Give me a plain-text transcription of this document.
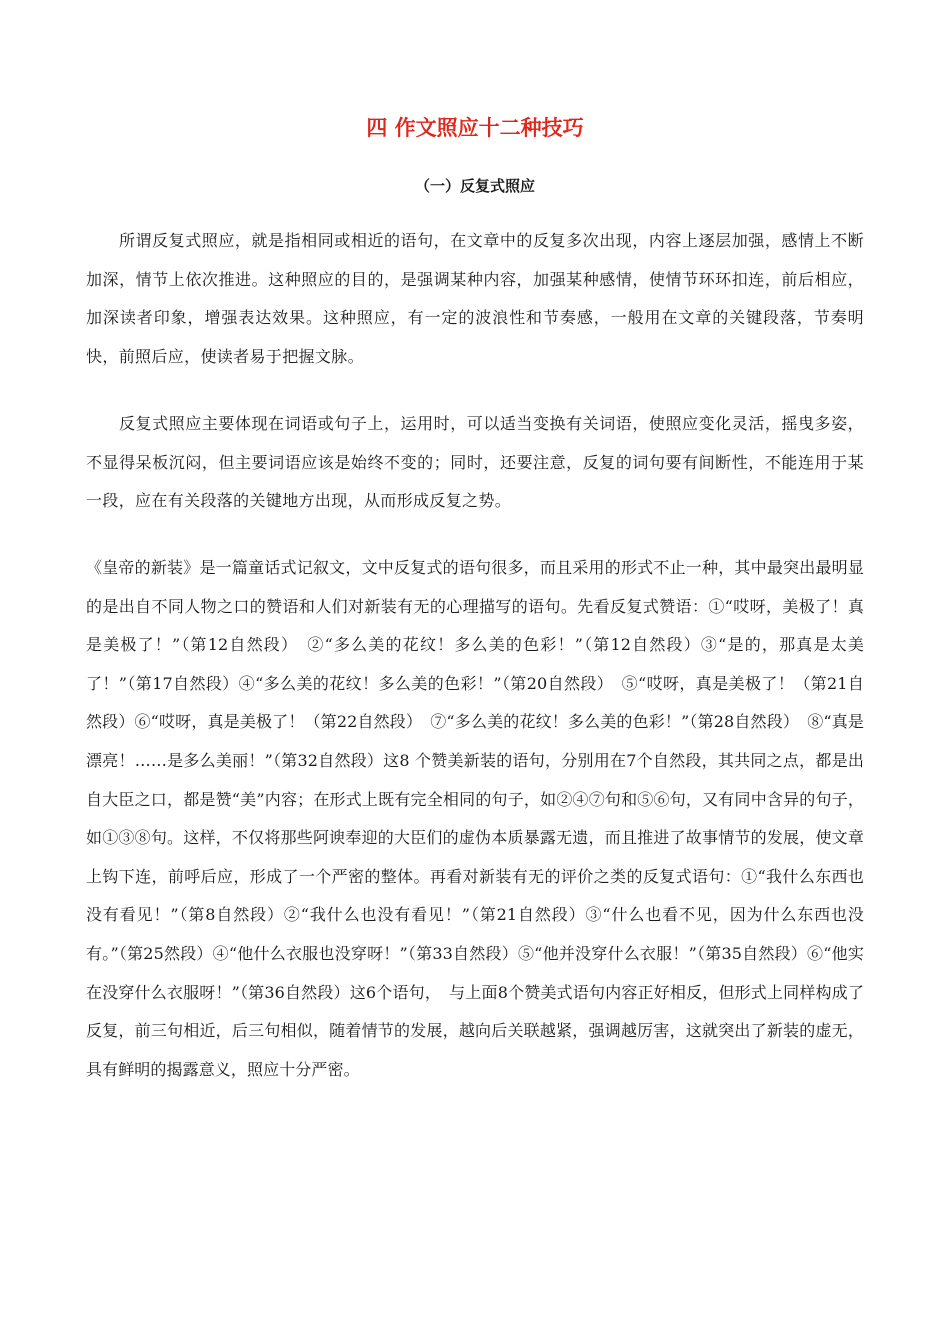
四 作文照应十二种技巧
（一）反复式照应

所谓反复式照应，就是指相同或相近的语句，在文章中的反复多次出现，内容上逐层加强，感情上不断加深，情节上依次推进。这种照应的目的，是强调某种内容，加强某种感情，使情节环环扣连，前后相应，加深读者印象，增强表达效果。这种照应，有一定的波浪性和节奏感，一般用在文章的关键段落，节奏明快，前照后应，使读者易于把握文脉。

反复式照应主要体现在词语或句子上，运用时，可以适当变换有关词语，使照应变化灵活，摇曳多姿，不显得呆板沉闷，但主要词语应该是始终不变的；同时，还要注意，反复的词句要有间断性，不能连用于某一段，应在有关段落的关键地方出现，从而形成反复之势。

《皇帝的新装》是一篇童话式记叙文，文中反复式的语句很多，而且采用的形式不止一种，其中最突出最明显的是出自不同人物之口的赞语和人们对新装有无的心理描写的语句。先看反复式赞语：①“哎呀，美极了！真是美极了！”（第12自然段）　②“多么美的花纹！多么美的色彩！”（第12自然段）③“是的，那真是太美了！”（第17自然段）④“多么美的花纹！多么美的色彩！”（第20自然段）　⑤“哎呀，真是美极了！（第21自然段）⑥“哎呀，真是美极了！（第22自然段）　⑦“多么美的花纹！多么美的色彩！”（第28自然段）　⑧“真是漂亮！……是多么美丽！”（第32自然段）这8 个赞美新装的语句，分别用在7个自然段，其共同之点，都是出自大臣之口，都是赞“美”内容；在形式上既有完全相同的句子，如②④⑦句和⑤⑥句，又有同中含异的句子，如①③⑧句。这样，不仅将那些阿谀奉迎的大臣们的虚伪本质暴露无遗，而且推进了故事情节的发展，使文章上钩下连，前呼后应，形成了一个严密的整体。再看对新装有无的评价之类的反复式语句：①“我什么东西也没有看见！”（第8自然段）②“我什么也没有看见！”（第21自然段）③“什么也看不见，因为什么东西也没有。”（第25然段）④“他什么衣服也没穿呀！”（第33自然段）⑤“他并没穿什么衣服！”（第35自然段）⑥“他实在没穿什么衣服呀！”（第36自然段）这6个语句，　与上面8个赞美式语句内容正好相反，但形式上同样构成了反复，前三句相近，后三句相似，随着情节的发展，越向后关联越紧，强调越厉害，这就突出了新装的虚无，具有鲜明的揭露意义，照应十分严密。
